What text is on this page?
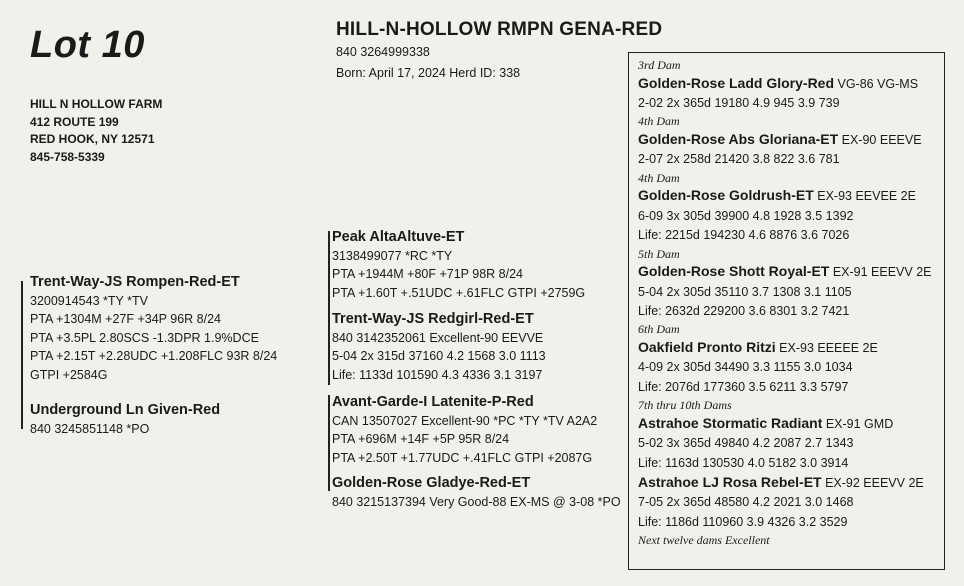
Lot 10
HILL N HOLLOW FARM
412 ROUTE 199
RED HOOK, NY 12571
845-758-5339
HILL-N-HOLLOW RMPN GENA-RED
840 3264999338
Born: April 17, 2024 Herd ID: 338
Trent-Way-JS Rompen-Red-ET
3200914543 *TY *TV
PTA +1304M +27F +34P 96R 8/24
PTA +3.5PL 2.80SCS -1.3DPR 1.9%DCE
PTA +2.15T +2.28UDC +1.208FLC 93R 8/24
GTPI +2584G
Underground Ln Given-Red
840 3245851148 *PO
Peak AltaAltuve-ET
3138499077 *RC *TY
PTA +1944M +80F +71P 98R 8/24
PTA +1.60T +.51UDC +.61FLC GTPI +2759G
Trent-Way-JS Redgirl-Red-ET
840 3142352061 Excellent-90 EEVVE
5-04 2x 315d 37160 4.2 1568 3.0 1113
Life: 1133d 101590 4.3 4336 3.1 3197
Avant-Garde-I Latenite-P-Red
CAN 13507027 Excellent-90 *PC *TY *TV A2A2
PTA +696M +14F +5P 95R 8/24
PTA +2.50T +1.77UDC +.41FLC GTPI +2087G
Golden-Rose Gladye-Red-ET
840 3215137394 Very Good-88 EX-MS @ 3-08 *PO
3rd Dam
Golden-Rose Ladd Glory-Red VG-86 VG-MS
2-02 2x 365d 19180 4.9 945 3.9 739
4th Dam
Golden-Rose Abs Gloriana-ET EX-90 EEEVE
2-07 2x 258d 21420 3.8 822 3.6 781
4th Dam
Golden-Rose Goldrush-ET EX-93 EEVEE 2E
6-09 3x 305d 39900 4.8 1928 3.5 1392
Life: 2215d 194230 4.6 8876 3.6 7026
5th Dam
Golden-Rose Shott Royal-ET EX-91 EEEVV 2E
5-04 2x 305d 35110 3.7 1308 3.1 1105
Life: 2632d 229200 3.6 8301 3.2 7421
6th Dam
Oakfield Pronto Ritzi EX-93 EEEEE 2E
4-09 2x 305d 34490 3.3 1155 3.0 1034
Life: 2076d 177360 3.5 6211 3.3 5797
7th thru 10th Dams
Astrahoe Stormatic Radiant EX-91 GMD
5-02 3x 365d 49840 4.2 2087 2.7 1343
Life: 1163d 130530 4.0 5182 3.0 3914
Astrahoe LJ Rosa Rebel-ET EX-92 EEEVV 2E
7-05 2x 365d 48580 4.2 2021 3.0 1468
Life: 1186d 110960 3.9 4326 3.2 3529
Next twelve dams Excellent
